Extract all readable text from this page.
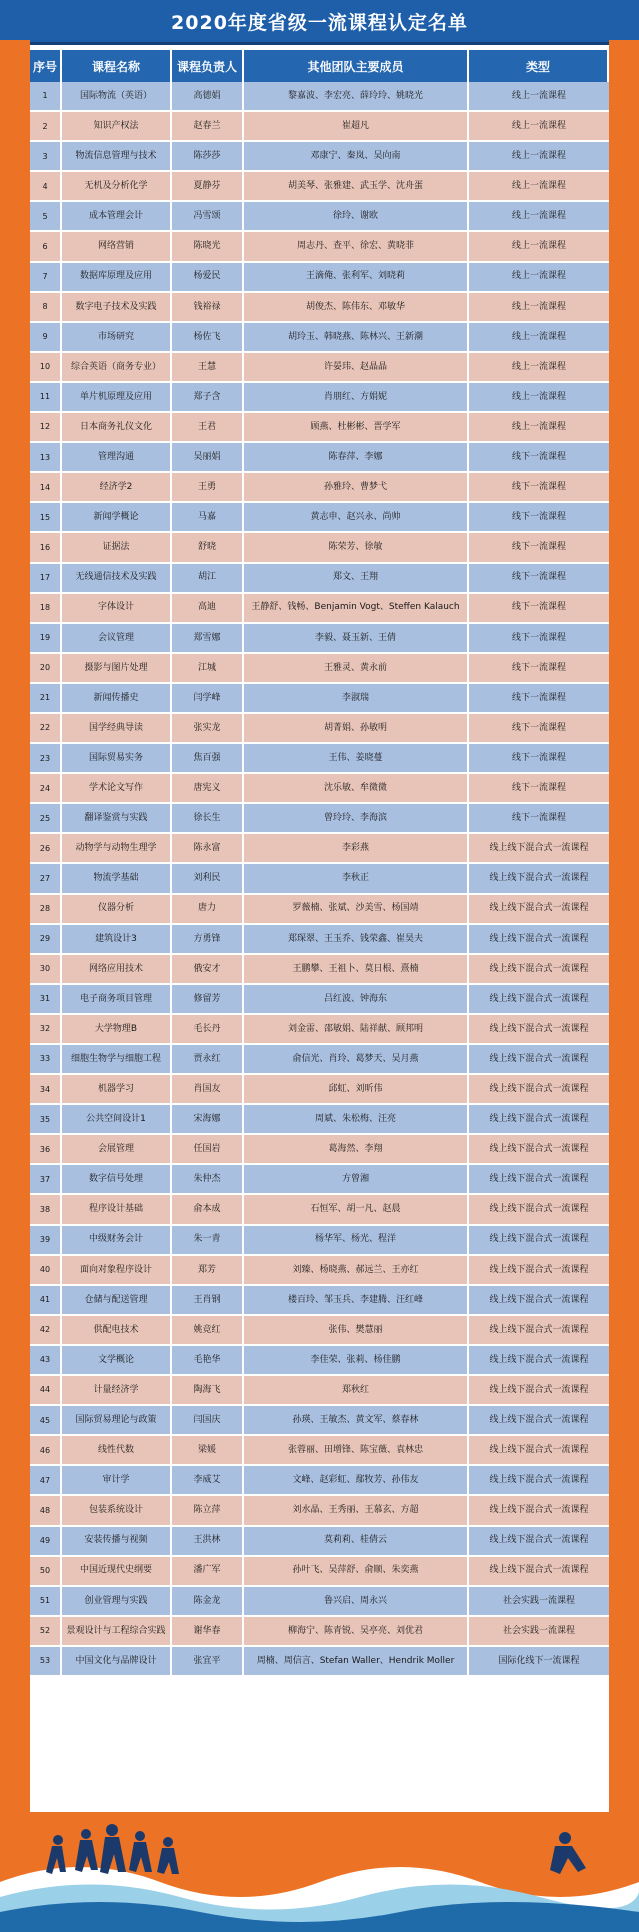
2020年度省级一流课程认定名单
序号	课程名称	课程负责人	其他团队主要成员	类型
1	国际物流（英语）	高德娟	黎嘉波、李宏亮、薛玲玲、姚晓光	线上一流课程
2	知识产权法	赵春兰	崔超凡	线上一流课程
3	物流信息管理与技术	陈莎莎	邓康宁、秦岚、吴向南	线上一流课程
4	无机及分析化学	夏静芬	胡美琴、张雅建、武玉学、沈舟蛋	线上一流课程
5	成本管理会计	冯雪颂	徐玲、谢欧	线上一流课程
6	网络营销	陈晓光	周志丹、查平、徐宏、黄晓菲	线上一流课程
7	数据库原理及应用	杨爱民	王滴俺、张利军、刘晓莉	线上一流课程
8	数字电子技术及实践	钱裕禄	胡俊杰、陈伟东、邓敏华	线上一流课程
9	市场研究	杨佐飞	胡玲玉、韩晓燕、陈林兴、王新潮	线上一流课程
10	综合英语（商务专业）	王慧	许晏玮、赵晶晶	线上一流课程
11	单片机原理及应用	郑子含	肖朋红、方娟妮	线上一流课程
12	日本商务礼仪文化	王君	顾燕、杜彬彬、晋学军	线上一流课程
13	管理沟通	吴丽娟	陈春萍、李娜	线下一流课程
14	经济学2	王勇	孙雅玲、曹梦弋	线下一流课程
15	新闻学概论	马嘉	黄志申、赵兴永、尚帅	线下一流课程
16	证据法	舒晓	陈荣芳、徐敏	线下一流课程
17	无线通信技术及实践	胡江	郑文、王翔	线下一流课程
18	字体设计	高迪	王静舒、钱畅、Benjamin Vogt、Steffen Kalauch	线下一流课程
19	会议管理	郑雪娜	李毅、聂玉新、王倩	线下一流课程
20	摄影与图片处理	江城	王雅灵、黄永前	线下一流课程
21	新闻传播史	闫学峰	李淑瑞	线下一流课程
22	国学经典导读	张实龙	胡菁娟、孙敏明	线下一流课程
23	国际贸易实务	焦百强	王伟、姜晓蔓	线下一流课程
24	学术论文写作	唐宪义	沈乐敏、牟微微	线下一流课程
25	翻译鉴赏与实践	徐长生	曾玲玲、李海滨	线下一流课程
26	动物学与动物生理学	陈永富	李彩燕	线上线下混合式一流课程
27	物流学基础	刘利民	李秋正	线上线下混合式一流课程
28	仪器分析	唐力	罗薇楠、张斌、沙美雪、杨国靖	线上线下混合式一流课程
29	建筑设计3	方勇锋	郑琛翠、王玉乔、钱荣鑫、崔昊夫	线上线下混合式一流课程
30	网络应用技术	俄安才	王鹏攀、王祖卜、莫日根、熹楠	线上线下混合式一流课程
31	电子商务项目管理	修留芳	吕红波、钟海东	线上线下混合式一流课程
32	大学物理B	毛长丹	刘金雷、邵敏娟、陆祥献、顾邦明	线上线下混合式一流课程
33	细胞生物学与细胞工程	贾永红	俞信光、肖玲、葛梦天、吴月燕	线上线下混合式一流课程
34	机器学习	肖国友	邱虹、刘昕伟	线上线下混合式一流课程
35	公共空间设计1	宋海娜	周斌、朱松梅、汪亮	线上线下混合式一流课程
36	会展管理	任国岩	葛海然、李翔	线上线下混合式一流课程
37	数字信号处理	朱仲杰	方曾湘	线上线下混合式一流课程
38	程序设计基础	俞本成	石恒军、胡一凡、赵晨	线上线下混合式一流课程
39	中级财务会计	朱一青	杨华军、杨光、程洋	线上线下混合式一流课程
40	面向对象程序设计	郑芳	刘臻、杨晓燕、郝远兰、王亦红	线上线下混合式一流课程
41	仓储与配送管理	王肖钢	楼百玲、邹玉兵、李建腾、汪红峰	线上线下混合式一流课程
42	供配电技术	姚竞红	张伟、樊慧丽	线上线下混合式一流课程
43	文学概论	毛艳华	李佳荣、张莉、杨佳鹏	线上线下混合式一流课程
44	计量经济学	陶海飞	郑秋红	线上线下混合式一流课程
45	国际贸易理论与政策	闫国庆	孙瑛、王敏杰、黄文军、蔡春林	线上线下混合式一流课程
46	线性代数	梁媛	张蓉丽、田增锋、陈宝薇、袁林忠	线上线下混合式一流课程
47	审计学	李威艾	文峰、赵彩虹、鄢牧芳、孙伟友	线上线下混合式一流课程
48	包装系统设计	陈立萍	刘水晶、王秀丽、王慕玄、方超	线上线下混合式一流课程
49	安装传播与视频	王洪林	莫莉莉、桂倩云	线上线下混合式一流课程
50	中国近现代史纲要	潘广军	孙叶飞、吴萍舒、俞顺、朱奕燕	线上线下混合式一流课程
51	创业管理与实践	陈金龙	鲁兴启、周永兴	社会实践一流课程
52	景观设计与工程综合实践	谢华春	柳海宁、陈青锐、吴亭亮、刘优君	社会实践一流课程
53	中国文化与品牌设计	张宜平	周楠、周信言、Stefan Waller、Hendrik Moller	国际化线下一流课程
